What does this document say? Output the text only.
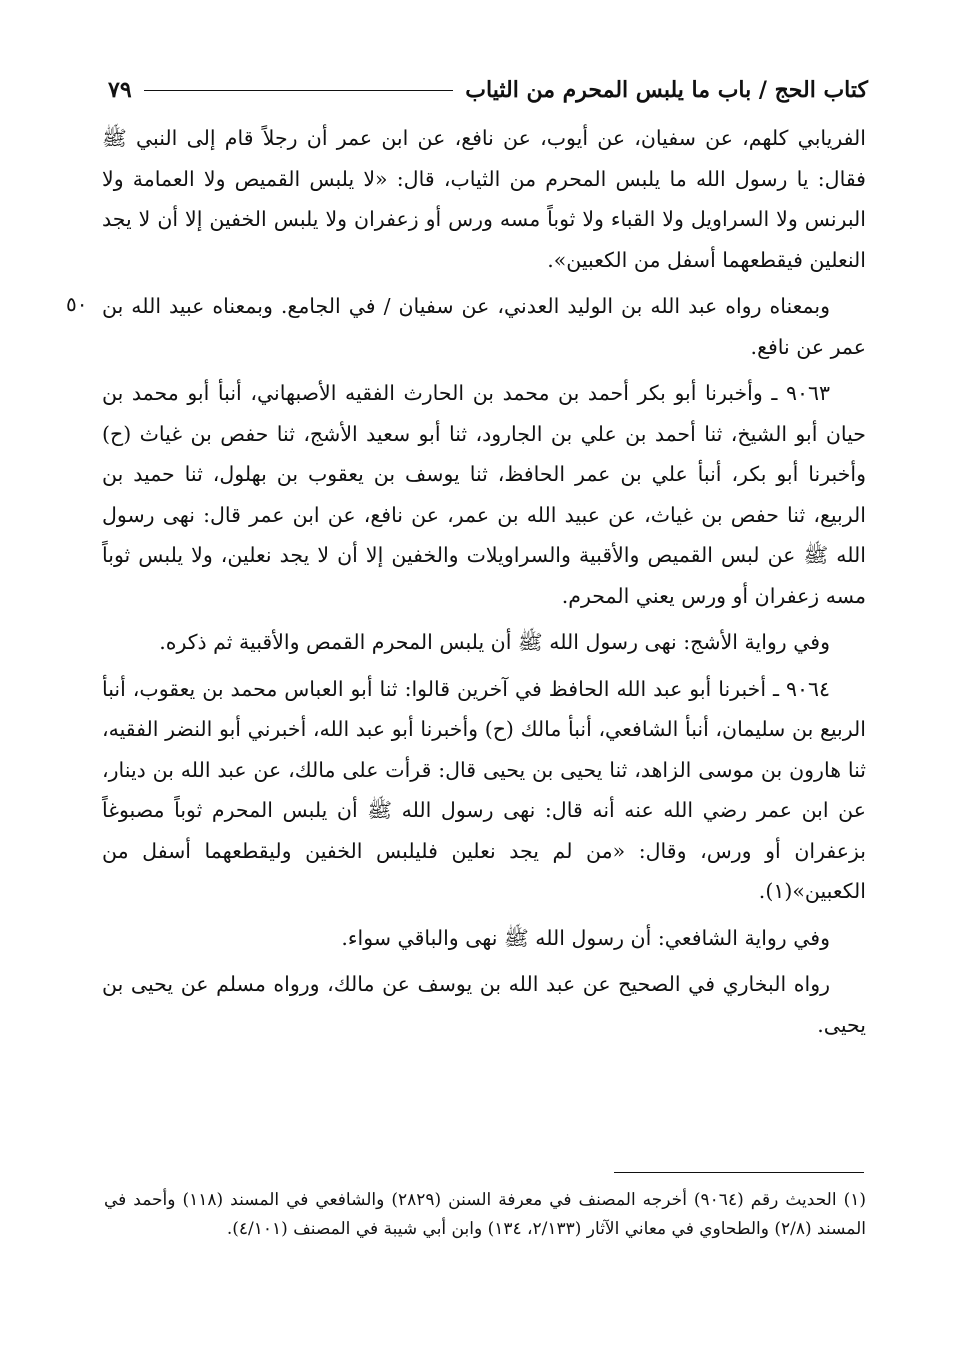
كتاب الحج / باب ما يلبس المحرم من الثياب
٧٩
٥٠

الفريابي كلهم، عن سفيان، عن أيوب، عن نافع، عن ابن عمر أن رجلاً قام إلى النبي ﷺ فقال: يا رسول الله ما يلبس المحرم من الثياب، قال: «لا يلبس القميص ولا العمامة ولا البرنس ولا السراويل ولا القباء ولا ثوباً مسه ورس أو زعفران ولا يلبس الخفين إلا أن لا يجد النعلين فيقطعهما أسفل من الكعبين».

وبمعناه رواه عبد الله بن الوليد العدني، عن سفيان / في الجامع. وبمعناه عبيد الله بن عمر عن نافع.

٩٠٦٣ ـ وأخبرنا أبو بكر أحمد بن محمد بن الحارث الفقيه الأصبهاني، أنبأ أبو محمد بن حيان أبو الشيخ، ثنا أحمد بن علي بن الجارود، ثنا أبو سعيد الأشج، ثنا حفص بن غياث (ح) وأخبرنا أبو بكر، أنبأ علي بن عمر الحافظ، ثنا يوسف بن يعقوب بن بهلول، ثنا حميد بن الربيع، ثنا حفص بن غياث، عن عبيد الله بن عمر، عن نافع، عن ابن عمر قال: نهى رسول الله ﷺ عن لبس القميص والأقبية والسراويلات والخفين إلا أن لا يجد نعلين، ولا يلبس ثوباً مسه زعفران أو ورس يعني المحرم.

وفي رواية الأشج: نهى رسول الله ﷺ أن يلبس المحرم القمص والأقبية ثم ذكره.

٩٠٦٤ ـ أخبرنا أبو عبد الله الحافظ في آخرين قالوا: ثنا أبو العباس محمد بن يعقوب، أنبأ الربيع بن سليمان، أنبأ الشافعي، أنبأ مالك (ح) وأخبرنا أبو عبد الله، أخبرني أبو النضر الفقيه، ثنا هارون بن موسى الزاهد، ثنا يحيى بن يحيى قال: قرأت على مالك، عن عبد الله بن دينار، عن ابن عمر رضي الله عنه أنه قال: نهى رسول الله ﷺ أن يلبس المحرم ثوباً مصبوغاً بزعفران أو ورس، وقال: «من لم يجد نعلين فليلبس الخفين وليقطعهما أسفل من الكعبين»(١).

وفي رواية الشافعي: أن رسول الله ﷺ نهى والباقي سواء.

رواه البخاري في الصحيح عن عبد الله بن يوسف عن مالك، ورواه مسلم عن يحيى بن يحيى.

(١) الحديث رقم (٩٠٦٤) أخرجه المصنف في معرفة السنن (٢٨٢٩) والشافعي في المسند (١١٨) وأحمد في المسند (٢/٨) والطحاوي في معاني الآثار (٢/١٣٣، ١٣٤) وابن أبي شيبة في المصنف (٤/١٠١).
